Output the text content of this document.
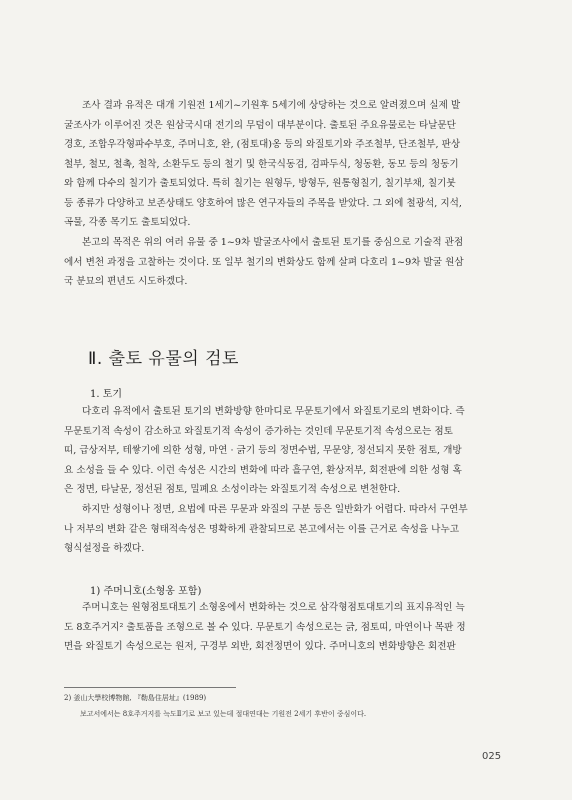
조사 결과 유적은 대개 기원전 1세기~기원후 5세기에 상당하는 것으로 알려졌으며 실제 발
굴조사가 이루어진 것은 원삼국시대 전기의 무덤이 대부분이다. 출토된 주요유물로는 타날문단
경호, 조합우각형파수부호, 주머니호, 완, (점토대)옹 등의 와질토기와 주조철부, 단조철부, 판상
철부, 철모, 철촉, 철착, 소환두도 등의 철기 및 한국식동검, 검파두식, 청동환, 동모 등의 청동기
와 함께 다수의 칠기가 출토되었다. 특히 칠기는 원형두, 방형두, 원통형칠기, 칠기부채, 칠기붓
등 종류가 다양하고 보존상태도 양호하여 많은 연구자들의 주목을 받았다. 그 외에 철광석, 지석,
곡물, 각종 목기도 출토되었다.
본고의 목적은 위의 여러 유물 중 1~9차 발굴조사에서 출토된 토기를 중심으로 기술적 관점
에서 변천 과정을 고찰하는 것이다. 또 일부 철기의 변화상도 함께 살펴 다호리 1~9차 발굴 원삼
국 분묘의 편년도 시도하겠다.
Ⅱ. 출토 유물의 검토
1. 토기
다호리 유적에서 출토된 토기의 변화방향 한마디로 무문토기에서 와질토기로의 변화이다. 즉
무문토기적 속성이 감소하고 와질토기적 속성이 증가하는 것인데 무문토기적 속성으로는 점토
띠, 급상저부, 테쌓기에 의한 성형, 마연 · 긁기 등의 정면수법, 무문양, 정선되지 못한 점토, 개방
요 소성을 들 수 있다. 이런 속성은 시간의 변화에 따라 흘구연, 환상저부, 회전판에 의한 성형 혹
은 정면, 타날문, 정선된 점토, 밀폐요 소성이라는 와질토기적 속성으로 변천한다.
하지만 성형이나 정면, 요법에 따른 무문과 와질의 구분 등은 일반화가 어렵다. 따라서 구연부
나 저부의 변화 같은 형태적속성은 명확하게 관찰되므로 본고에서는 이를 근거로 속성을 나누고
형식설정을 하겠다.
1) 주머니호(소형옹 포함)
주머니호는 원형점토대토기 소형옹에서 변화하는 것으로 삼각형점토대토기의 표지유적인 늑
도 8호주거지² 출토품을 조형으로 볼 수 있다. 무문토기 속성으로는 긁, 점토띠, 마연이나 목판 정
면을 와질토기 속성으로는 원저, 구경부 외반, 회전정면이 있다. 주머니호의 변화방향은 회전판
2) 釜山大學校博物館, 『勒島住居址』(1989)
보고서에서는 8호주거지를 늑도Ⅱ기로 보고 있는데 절대연대는 기원전 2세기 후반이 중심이다.
025
